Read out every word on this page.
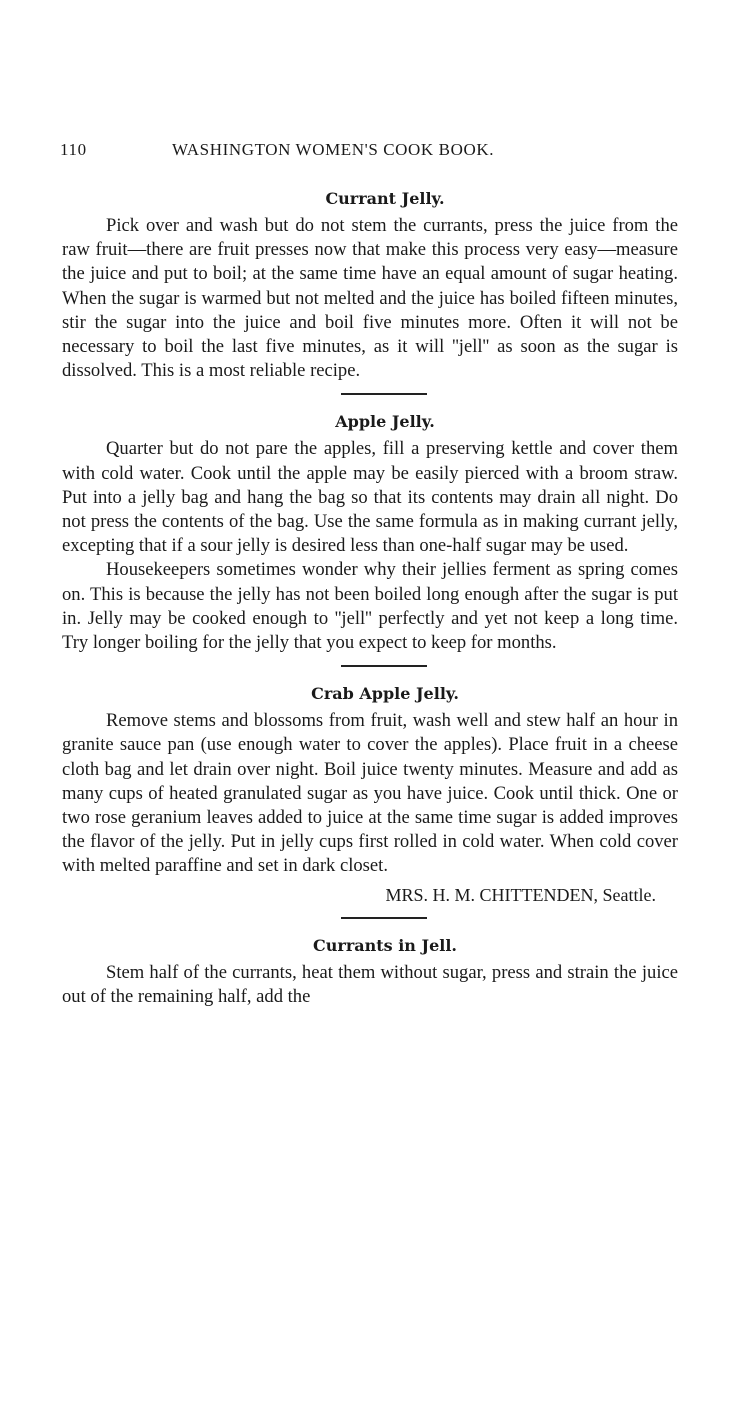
110	WASHINGTON WOMEN'S COOK BOOK.
Currant Jelly.

Pick over and wash but do not stem the currants, press the juice from the raw fruit—there are fruit presses now that make this process very easy—measure the juice and put to boil; at the same time have an equal amount of sugar heating. When the sugar is warmed but not melted and the juice has boiled fifteen minutes, stir the sugar into the juice and boil five minutes more. Often it will not be necessary to boil the last five minutes, as it will ''jell'' as soon as the sugar is dissolved. This is a most reliable recipe.

Apple Jelly.

Quarter but do not pare the apples, fill a preserving kettle and cover them with cold water. Cook until the apple may be easily pierced with a broom straw. Put into a jelly bag and hang the bag so that its contents may drain all night. Do not press the contents of the bag. Use the same formula as in making currant jelly, excepting that if a sour jelly is desired less than one-half sugar may be used.

Housekeepers sometimes wonder why their jellies ferment as spring comes on. This is because the jelly has not been boiled long enough after the sugar is put in. Jelly may be cooked enough to ''jell'' perfectly and yet not keep a long time. Try longer boiling for the jelly that you expect to keep for months.

Crab Apple Jelly.

Remove stems and blossoms from fruit, wash well and stew half an hour in granite sauce pan (use enough water to cover the apples). Place fruit in a cheese cloth bag and let drain over night. Boil juice twenty minutes. Measure and add as many cups of heated granulated sugar as you have juice. Cook until thick. One or two rose geranium leaves added to juice at the same time sugar is added improves the flavor of the jelly. Put in jelly cups first rolled in cold water. When cold cover with melted paraffine and set in dark closet.

MRS. H. M. CHITTENDEN, Seattle.

Currants in Jell.

Stem half of the currants, heat them without sugar, press and strain the juice out of the remaining half, add the
